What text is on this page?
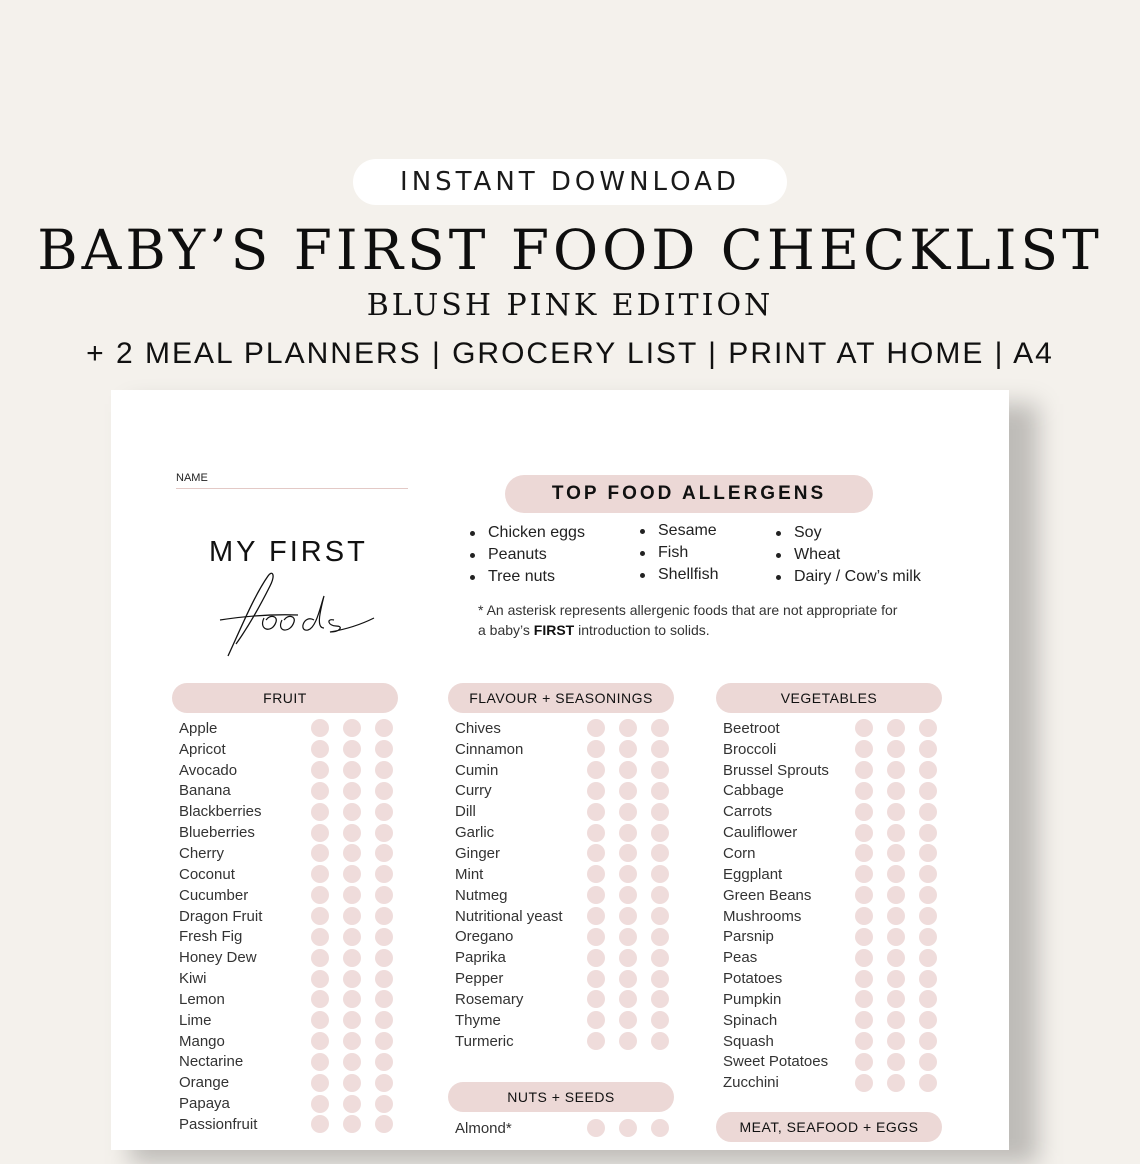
INSTANT DOWNLOAD
BABY’S FIRST FOOD CHECKLIST
BLUSH PINK EDITION
+ 2 MEAL PLANNERS | GROCERY LIST | PRINT AT HOME | A4
NAME
MY FIRST
TOP FOOD ALLERGENS
Chicken eggs
Peanuts
Tree nuts
Sesame
Fish
Shellfish
Soy
Wheat
Dairy / Cow’s milk
* An asterisk represents allergenic foods that are not appropriate for a baby’s FIRST introduction to solids.
FRUIT
Apple
Apricot
Avocado
Banana
Blackberries
Blueberries
Cherry
Coconut
Cucumber
Dragon Fruit
Fresh Fig
Honey Dew
Kiwi
Lemon
Lime
Mango
Nectarine
Orange
Papaya
Passionfruit
FLAVOUR + SEASONINGS
Chives
Cinnamon
Cumin
Curry
Dill
Garlic
Ginger
Mint
Nutmeg
Nutritional yeast
Oregano
Paprika
Pepper
Rosemary
Thyme
Turmeric
VEGETABLES
Beetroot
Broccoli
Brussel Sprouts
Cabbage
Carrots
Cauliflower
Corn
Eggplant
Green Beans
Mushrooms
Parsnip
Peas
Potatoes
Pumpkin
Spinach
Squash
Sweet Potatoes
Zucchini
NUTS + SEEDS
Almond*	MEAT, SEAFOOD + EGGS
